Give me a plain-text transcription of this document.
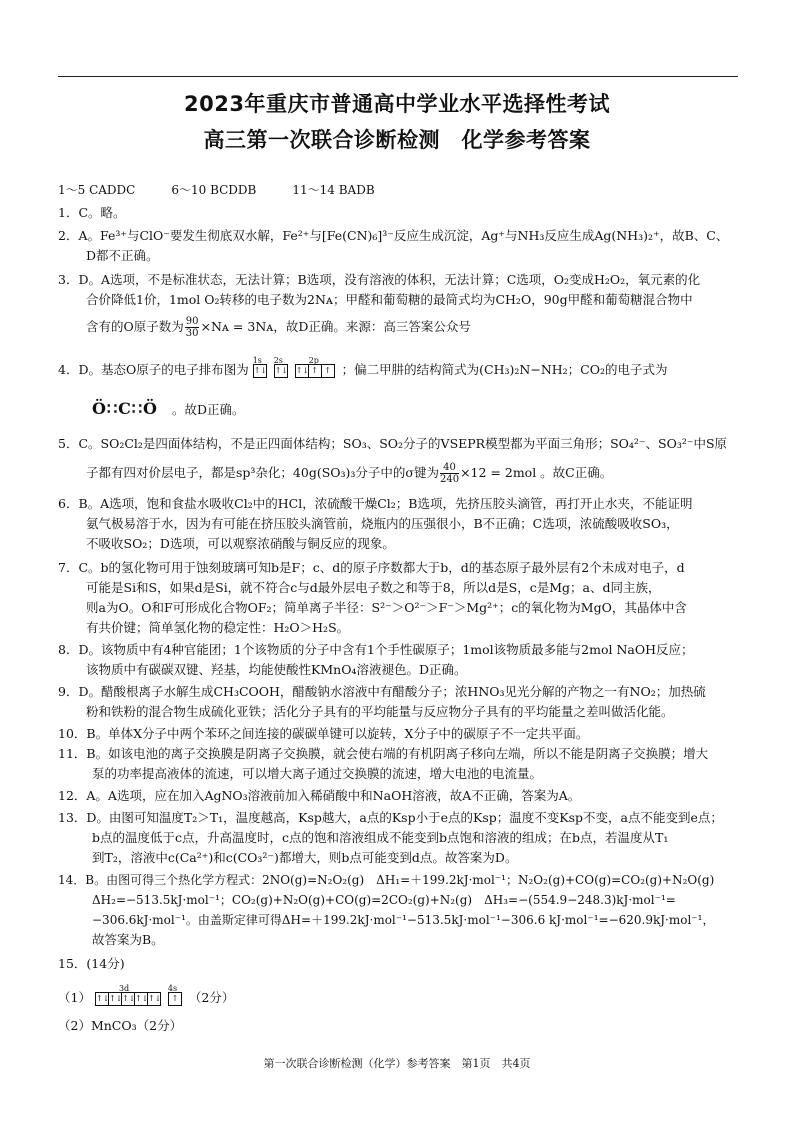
2023年重庆市普通高中学业水平选择性考试
高三第一次联合诊断检测　化学参考答案
1～5 CADDC　　　6～10 BCDDB　　　11～14 BADB
1．C。略。
2．A。Fe³⁺与ClO⁻要发生彻底双水解，Fe²⁺与[Fe(CN)₆]³⁻反应生成沉淀，Ag⁺与NH₃反应生成Ag(NH₃)₂⁺，故B、C、
D都不正确。
3．D。A选项，不是标准状态，无法计算；B选项，没有溶液的体积，无法计算；C选项，O₂变成H₂O₂，氧元素的化
合价降低1价，1mol O₂转移的电子数为2Nᴀ；甲醛和葡萄糖的最简式均为CH₂O，90g甲醛和葡萄糖混合物中
含有的O原子数为 $\frac{90}{30}$ ×Nᴀ = 3Nᴀ，故D正确。来源：高三答案公众号
4．D。基态O原子的电子排布图为
1s
↑↓
2s
↑↓
2p
↑↓ ↑ ↑ ；偏二甲肼的结构简式为(CH₃)₂N−NH₂；CO₂的电子式为
Ö∷C∷Ö 。故D正确。
5．C。SO₂Cl₂是四面体结构，不是正四面体结构；SO₃、SO₂分子的VSEPR模型都为平面三角形；SO₄²⁻、SO₃²⁻中S原
子都有四对价层电子，都是sp³杂化；40g(SO₃)₃分子中的σ键为 $\frac{40}{240} \times 12 = 2mol$ 。故C正确。
6．B。A选项，饱和食盐水吸收Cl₂中的HCl，浓硫酸干燥Cl₂；B选项，先挤压胶头滴管，再打开止水夹，不能证明
氨气极易溶于水，因为有可能在挤压胶头滴管前，烧瓶内的压强很小，B不正确；C选项，浓硫酸吸收SO₃，
不吸收SO₂；D选项，可以观察浓硝酸与铜反应的现象。
7．C。b的氢化物可用于蚀刻玻璃可知b是F；c、d的原子序数都大于b，d的基态原子最外层有2个未成对电子，d
可能是Si和S，如果d是Si，就不符合c与d最外层电子数之和等于8，所以d是S，c是Mg；a、d同主族，
则a为O。O和F可形成化合物OF₂；简单离子半径：S²⁻＞O²⁻＞F⁻＞Mg²⁺；c的氧化物为MgO，其晶体中含
有共价键；简单氢化物的稳定性：H₂O＞H₂S。
8．D。该物质中有4种官能团；1个该物质的分子中含有1个手性碳原子；1mol该物质最多能与2mol NaOH反应；
该物质中有碳碳双键、羟基，均能使酸性KMnO₄溶液褪色。D正确。
9．D。醋酸根离子水解生成CH₃COOH，醋酸钠水溶液中有醋酸分子；浓HNO₃见光分解的产物之一有NO₂；加热硫
粉和铁粉的混合物生成硫化亚铁；活化分子具有的平均能量与反应物分子具有的平均能量之差叫做活化能。
10．B。单体X分子中两个苯环之间连接的碳碳单键可以旋转，X分子中的碳原子不一定共平面。
11．B。如该电池的离子交换膜是阴离子交换膜，就会使右端的有机阴离子移向左端，所以不能是阴离子交换膜；增大
泵的功率提高液体的流速，可以增大离子通过交换膜的流速，增大电池的电流量。
12．A。A选项，应在加入AgNO₃溶液前加入稀硝酸中和NaOH溶液，故A不正确，答案为A。
13．D。由图可知温度T₂＞T₁，温度越高，Ksp越大，a点的Ksp小于e点的Ksp；温度不变Ksp不变，a点不能变到e点；
b点的温度低于c点，升高温度时，c点的饱和溶液组成不能变到b点饱和溶液的组成；在b点，若温度从T₁
到T₂，溶液中c(Ca²⁺)和c(CO₃²⁻)都增大，则b点可能变到d点。故答案为D。
14．B。由图可得三个热化学方程式：2NO(g)=N₂O₂(g)　ΔH₁=＋199.2kJ·mol⁻¹；N₂O₂(g)+CO(g)=CO₂(g)+N₂O(g)
ΔH₂=−513.5kJ·mol⁻¹；CO₂(g)+N₂O(g)+CO(g)=2CO₂(g)+N₂(g)　ΔH₃=−(554.9−248.3)kJ·mol⁻¹=
−306.6kJ·mol⁻¹。由盖斯定律可得ΔH=＋199.2kJ·mol⁻¹−513.5kJ·mol⁻¹−306.6 kJ·mol⁻¹=−620.9kJ·mol⁻¹，
故答案为B。
15．(14分)
（1）
3d
↑↓↑↓↑↓↑↓↑↓
4s
↑ （2分）
（2）MnCO₃（2分）
第一次联合诊断检测（化学）参考答案　第1页　共4页
